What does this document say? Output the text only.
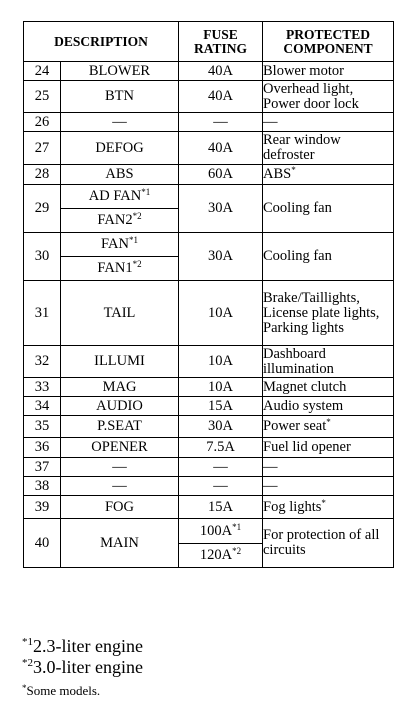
DESCRIPTION		FUSE RATING	PROTECTED COMPONENT
24	BLOWER	40A	Blower motor
25	BTN	40A	Overhead light, Power door lock
26	—	—	—
27	DEFOG	40A	Rear window defroster
28	ABS	60A	ABS*
29	AD FAN$^{*1}$	30A	Cooling fan
	FAN2$^{*2}$
30	FAN$^{*1}$	30A	Cooling fan
	FAN1$^{*2}$
31	TAIL	10A	Brake/Taillights, License plate lights, Parking lights
32	ILLUMI	10A	Dashboard illumination
33	MAG	10A	Magnet clutch
34	AUDIO	15A	Audio system
35	P.SEAT	30A	Power seat*
36	OPENER	7.5A	Fuel lid opener
37	—	—	—
38	—	—	—
39	FOG	15A	Fog lights*
40	MAIN	$100A^{*1}$	For protection of all circuits
		$120A^{*2}$
$^{*1}$2.3-liter engine
$^{*2}$3.0-liter engine
*Some models.
